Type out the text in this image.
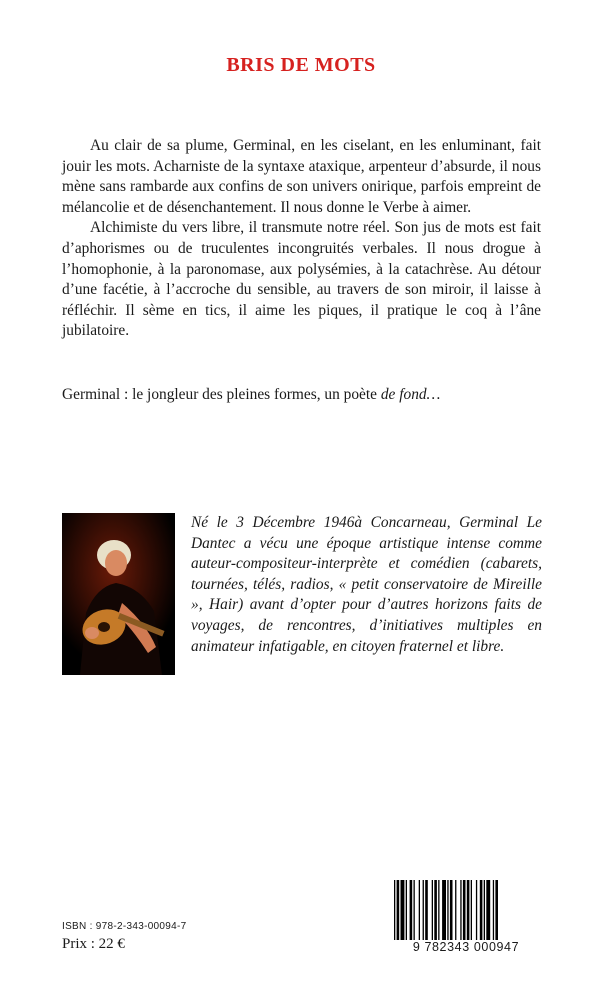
BRIS DE MOTS

Au clair de sa plume, Germinal, en les ciselant, en les enluminant, fait jouir les mots. Acharniste de la syntaxe ataxique, arpenteur d’absurde, il nous mène sans rambarde aux confins de son univers onirique, parfois empreint de mélancolie et de désenchantement. Il nous donne le Verbe à aimer.

Alchimiste du vers libre, il transmute notre réel. Son jus de mots est fait d’aphorismes ou de truculentes incongruités verbales. Il nous drogue à l’homophonie, à la paronomase, aux polysémies, à la catachrèse. Au détour d’une facétie, à l’accroche du sensible, au travers de son miroir, il laisse à réfléchir. Il sème en tics, il aime les piques, il pratique le coq à l’âne jubilatoire.

Germinal : le jongleur des pleines formes, un poète de fond…
Né le 3 Décembre 1946à Concarneau, Germinal Le Dantec a vécu une époque artistique intense comme auteur-compositeur-interprète et comédien (cabarets, tournées, télés, radios, « petit conservatoire de Mireille », Hair) avant d’opter pour d’autres horizons faits de voyages, de rencontres, d’initiatives multiples en animateur infatigable, en citoyen fraternel et libre.
ISBN : 978-2-343-00094-7
Prix : 22 €	9 782343 000947
